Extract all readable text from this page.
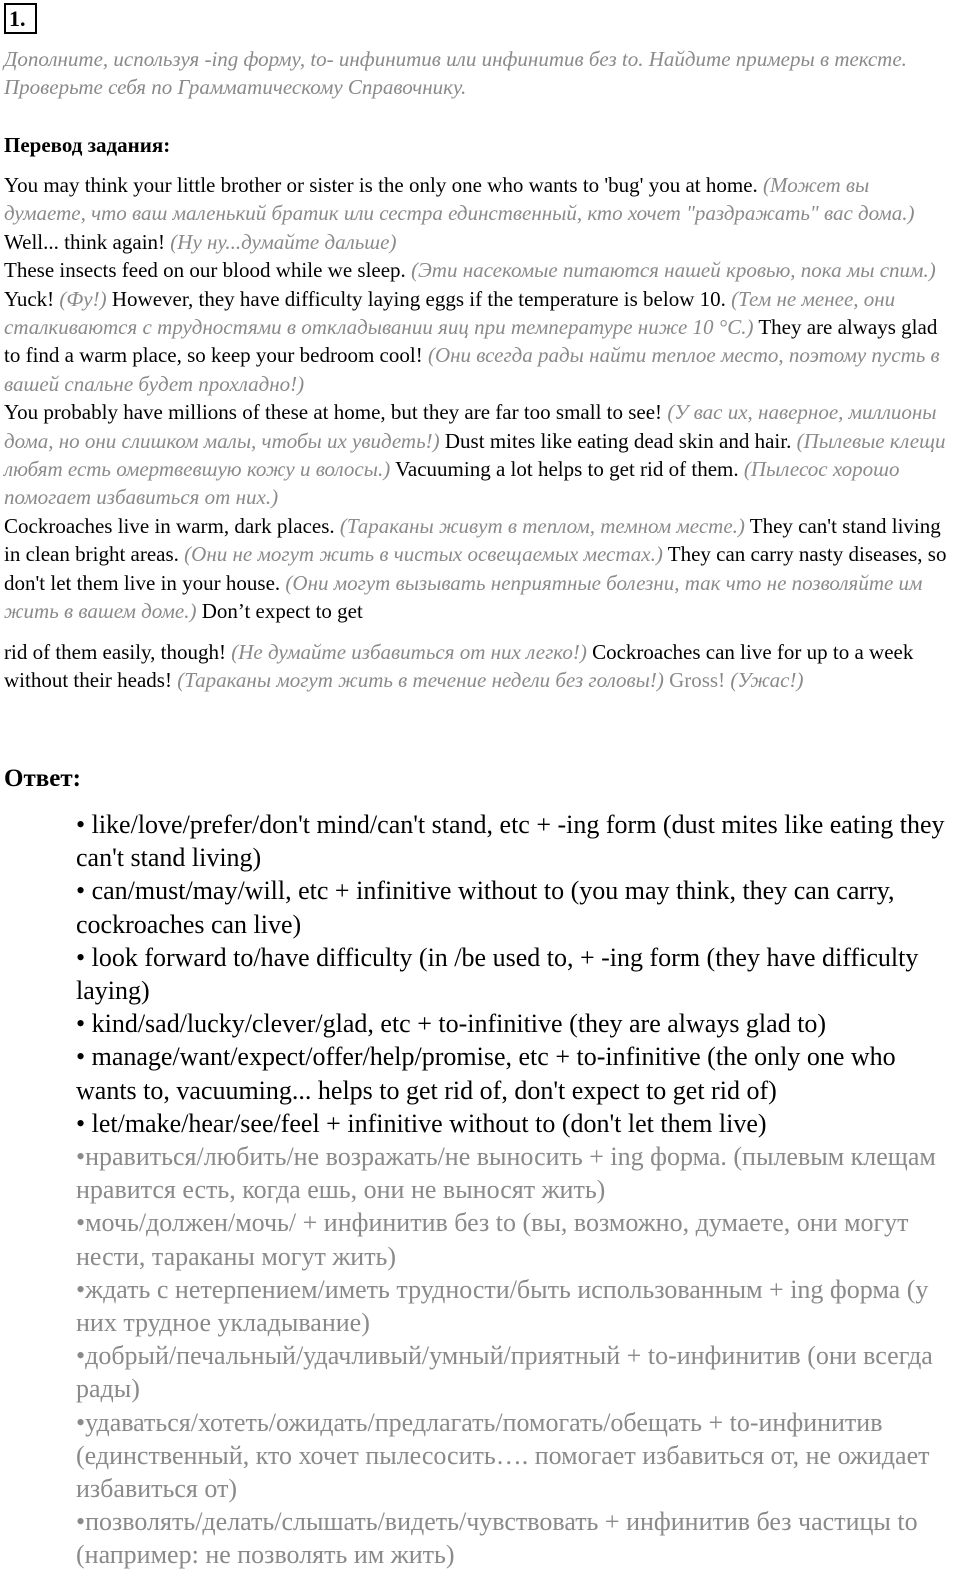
1.
Дополните, используя -ing форму, to- инфинитив или инфинитив без to. Найдите примеры в тексте. Проверьте себя по Грамматическому Справочнику.
Перевод задания:

You may think your little brother or sister is the only one who wants to 'bug' you at home. (Может вы думаете, что ваш маленький братик или сестра единственный, кто хочет "раздражать" вас дома.) Well... think again! (Ну ну...думайте дальше)

These insects feed on our blood while we sleep. (Эти насекомые питаются нашей кровью, пока мы спим.) Yuck! (Фу!) However, they have difficulty laying eggs if the temperature is below 10. (Тем не менее, они сталкиваются с трудностями в откладывании яиц при температуре ниже 10 °C.) They are always glad to find a warm place, so keep your bedroom cool! (Они всегда рады найти теплое место, поэтому пусть в вашей спальне будет прохладно!)

You probably have millions of these at home, but they are far too small to see! (У вас их, наверное, миллионы дома, но они слишком малы, чтобы их увидеть!) Dust mites like eating dead skin and hair. (Пылевые клещи любят есть омертвевшую кожу и волосы.) Vacuuming a lot helps to get rid of them. (Пылесос хорошо помогает избавиться от них.)

Cockroaches live in warm, dark places. (Тараканы живут в теплом, темном месте.) They can't stand living in clean bright areas. (Они не могут жить в чистых освещаемых местах.) They can carry nasty diseases, so don't let them live in your house. (Они могут вызывать неприятные болезни, так что не позволяйте им жить в вашем доме.) Don’t expect to get

rid of them easily, though! (Не думайте избавиться от них легко!) Cockroaches can live for up to a week without their heads! (Тараканы могут жить в течение недели без головы!) Gross! (Ужас!)

Ответ:
• like/love/prefer/don't mind/can't stand, etc + -ing form (dust mites like eating they can't stand living)
• can/must/may/will, etc + infinitive without to (you may think, they can carry, cockroaches can live)
• look forward to/have difficulty (in /be used to, + -ing form (they have difficulty laying)
• kind/sad/lucky/clever/glad, etc + to-infinitive (they are always glad to)
• manage/want/expect/offer/help/promise, etc + to-infinitive (the only one who wants to, vacuuming... helps to get rid of, don't expect to get rid of)
• let/make/hear/see/feel + infinitive without to (don't let them live)
•нравиться/любить/не возражать/не выносить + ing форма. (пылевым клещам нравится есть, когда ешь, они не выносят жить)
•мочь/должен/мочь/ + инфинитив без to (вы, возможно, думаете, они могут нести, тараканы могут жить)
•ждать с нетерпением/иметь трудности/быть использованным + ing форма (у них трудное укладывание)
•добрый/печальный/удачливый/умный/приятный + to-инфинитив (они всегда рады)
•удаваться/хотеть/ожидать/предлагать/помогать/обещать + to-инфинитив (единственный, кто хочет пылесосить…. помогает избавиться от, не ожидает избавиться от)
•позволять/делать/слышать/видеть/чувствовать + инфинитив без частицы to (например: не позволять им жить)
